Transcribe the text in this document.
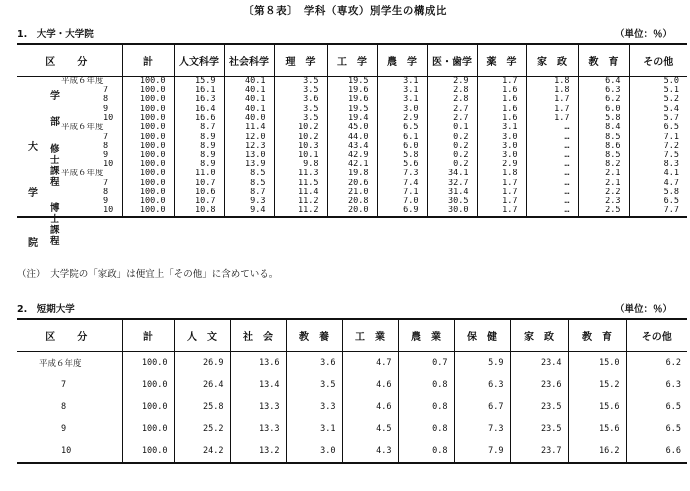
〔第８表〕　学科（専攻）別学生の構成比
1.　大学・大学院	（単位：％）
区　分	計	人文科学	社会科学	理　学	工　学	農　学	医・歯学	薬　学	家　政	教　育	その他
平成６年度	100.0	15.9	40.1	3.5	19.5	3.1	2.9	1.7	1.8	6.4	5.0
7	100.0	16.1	40.1	3.5	19.6	3.1	2.8	1.6	1.8	6.3	5.1
8	100.0	16.3	40.1	3.6	19.6	3.1	2.8	1.6	1.7	6.2	5.2
9	100.0	16.4	40.1	3.5	19.5	3.0	2.7	1.6	1.7	6.0	5.4
10	100.0	16.6	40.0	3.5	19.4	2.9	2.7	1.6	1.7	5.8	5.7
平成６年度	100.0	8.7	11.4	10.2	45.0	6.5	0.1	3.1	…	8.4	6.5
7	100.0	8.9	12.0	10.2	44.0	6.1	0.2	3.0	…	8.5	7.1
8	100.0	8.9	12.3	10.3	43.4	6.0	0.2	3.0	…	8.6	7.2
9	100.0	8.9	13.0	10.1	42.9	5.8	0.2	3.0	…	8.5	7.5
10	100.0	8.9	13.9	9.8	42.1	5.6	0.2	2.9	…	8.2	8.3
平成６年度	100.0	11.0	8.5	11.3	19.8	7.3	34.1	1.8	…	2.1	4.1
7	100.0	10.7	8.5	11.5	20.6	7.4	32.7	1.7	…	2.1	4.7
8	100.0	10.6	8.7	11.4	21.0	7.1	31.4	1.7	…	2.2	5.8
9	100.0	10.7	9.3	11.2	20.8	7.0	30.5	1.7	…	2.3	6.5
10	100.0	10.8	9.4	11.2	20.0	6.9	30.0	1.7	…	2.5	7.7
学

部
大
学
院
修
士
課
程
博
士
課
程
（注）　大学院の「家政」は便宜上「その他」に含めている。
2.　短期大学	（単位：％）
区　分	計	人　文	社　会	教　養	工　業	農　業	保　健	家　政	教　育	その他
平成６年度	100.0	26.9	13.6	3.6	4.7	0.7	5.9	23.4	15.0	6.2
7	100.0	26.4	13.4	3.5	4.6	0.8	6.3	23.6	15.2	6.3
8	100.0	25.8	13.3	3.3	4.6	0.8	6.7	23.5	15.6	6.5
9	100.0	25.2	13.3	3.1	4.5	0.8	7.3	23.5	15.6	6.5
10	100.0	24.2	13.2	3.0	4.3	0.8	7.9	23.7	16.2	6.6
